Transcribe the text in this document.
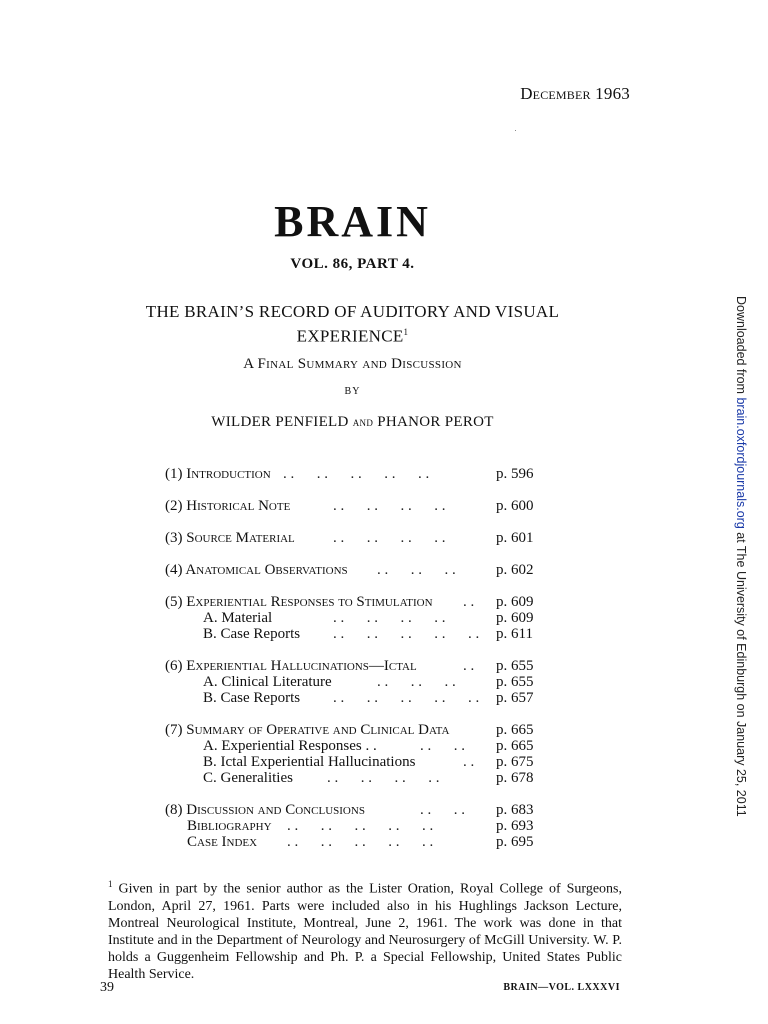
December 1963
BRAIN
VOL. 86, PART 4.
THE BRAIN’S RECORD OF AUDITORY AND VISUAL
EXPERIENCE$^1$
A Final Summary and Discussion
BY
WILDER PENFIELD and PHANOR PEROT
(1) Introduction . .      . .      . .      . .      . .	p. 596
(2) Historical Note	. .      . .      . .      . .	p. 600
(3) Source Material	. .      . .      . .      . .	p. 601
(4) Anatomical Observations . .      . .      . .	p. 602
(5) Experiential Responses to Stimulation . . p. 609
A. Material	. .      . .      . .      . .	p. 609
B. Case Reports . .      . .      . .      . .      . . p. 611
(6) Experiential Hallucinations—Ictal	. . p. 655
A. Clinical Literature	. .      . .      . .	p. 655
B. Case Reports . .      . .      . .      . .      . . p. 657
(7) Summary of Operative and Clinical Data	p. 665
A. Experiential Responses . .	. .      . . p. 665
B. Ictal Experiential Hallucinations	. . p. 675
C. Generalities . .      . .      . .      . .	p. 678
(8) Discussion and Conclusions	. .      . . p. 683
Bibliography . .      . .      . .      . .      . .	p. 693
Case Index . .      . .      . .      . .      . .	p. 695
$^1$ Given in part by the senior author as the Lister Oration, Royal College of Surgeons, London, April 27, 1961. Parts were included also in his Hughlings Jackson Lecture, Montreal Neurological Institute, Montreal, June 2, 1961. The work was done in that Institute and in the Department of Neurology and Neurosurgery of McGill University. W. P. holds a Guggenheim Fellowship and Ph. P. a Special Fellowship, United States Public Health Service.
39	BRAIN—VOL. LXXXVI
Downloaded from brain.oxfordjournals.org at The University of Edinburgh on January 25, 2011
